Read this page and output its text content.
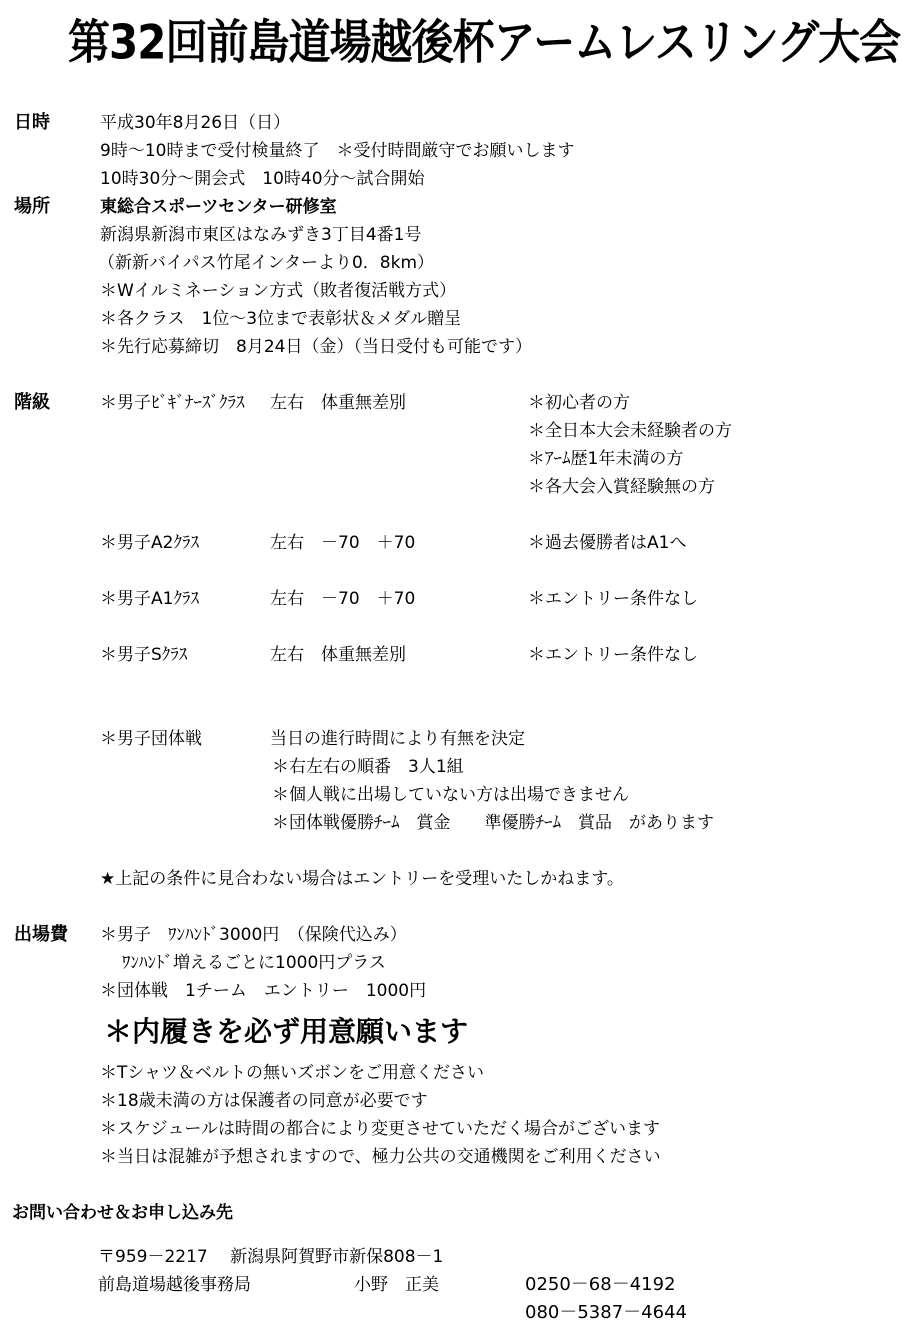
第32回前島道場越後杯アームレスリング大会
日時	平成30年8月26日（日）
9時～10時まで受付検量終了　＊受付時間厳守でお願いします
10時30分～開会式　10時40分～試合開始
場所	東総合スポーツセンター研修室
新潟県新潟市東区はなみずき3丁目4番1号
（新新バイパス竹尾インターより0．8km）
＊Wイルミネーション方式（敗者復活戦方式）
＊各クラス　1位～3位まで表彰状＆メダル贈呈
＊先行応募締切　8月24日（金）（当日受付も可能です）
階級	＊男子ﾋﾞｷﾞﾅｰｽﾞｸﾗｽ 左右　体重無差別	＊初心者の方
＊全日本大会未経験者の方
＊ｱｰﾑ歴1年未満の方
＊各大会入賞経験無の方
＊男子A2ｸﾗｽ	左右　－70　＋70	＊過去優勝者はA1へ
＊男子A1ｸﾗｽ	左右　－70　＋70	＊エントリー条件なし
＊男子Sｸﾗｽ	左右　体重無差別	＊エントリー条件なし
＊男子団体戦	当日の進行時間により有無を決定
＊右左右の順番　3人1組
＊個人戦に出場していない方は出場できません
＊団体戦優勝ﾁｰﾑ　賞金　　準優勝ﾁｰﾑ　賞品　があります
★上記の条件に見合わない場合はエントリーを受理いたしかねます。
出場費 ＊男子　ﾜﾝﾊﾝﾄﾞ3000円　（保険代込み）
ﾜﾝﾊﾝﾄﾞ増えるごとに1000円プラス
＊団体戦　1チーム　エントリー　1000円
＊内履きを必ず用意願います
＊Tシャツ＆ベルトの無いズボンをご用意ください
＊18歳未満の方は保護者の同意が必要です
＊スケジュールは時間の都合により変更させていただく場合がございます
＊当日は混雑が予想されますので、極力公共の交通機関をご利用ください
お問い合わせ＆お申し込み先
〒959－2217　 新潟県阿賀野市新保808－1
前島道場越後事務局	小野　正美	0250－68－4192
080－5387－4644
